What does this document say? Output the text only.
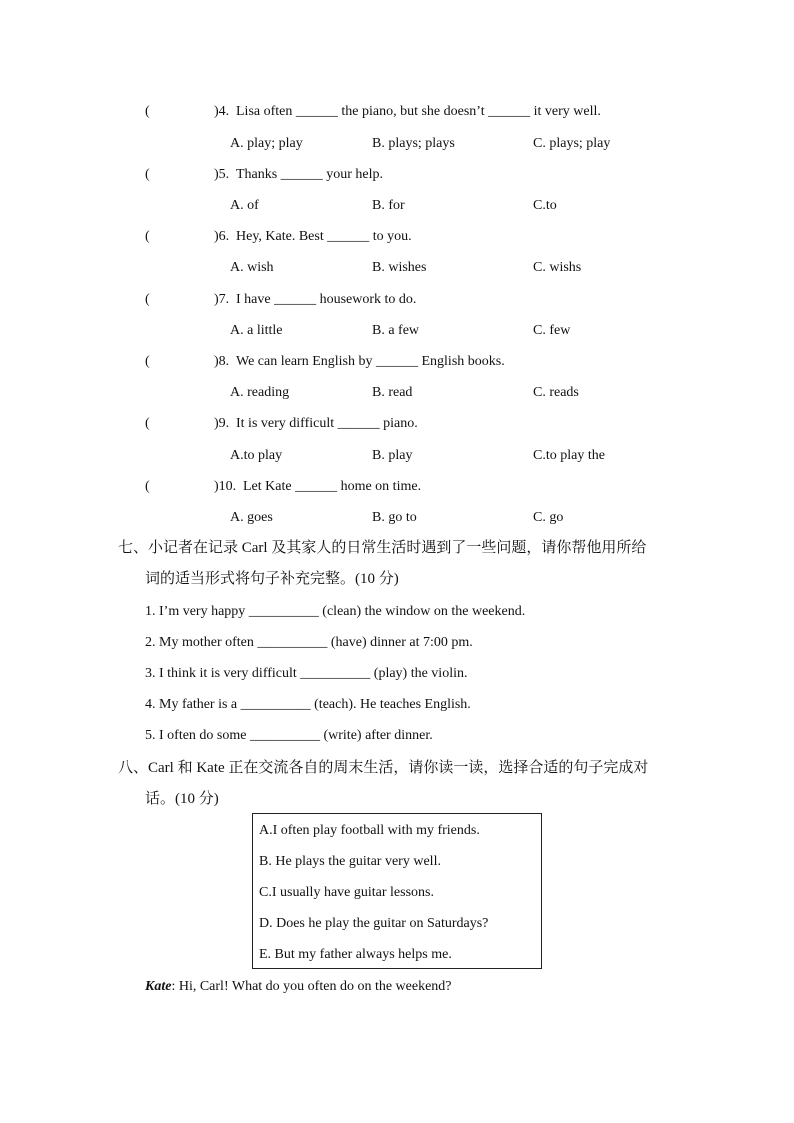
(	)4. Lisa often ______ the piano, but she doesn’t ______ it very well.
A. play; play	B. plays; plays	C. plays; play
(	)5. Thanks ______ your help.
A. of	B. for	C.to
(	)6. Hey, Kate. Best ______ to you.
A. wish	B. wishes	C. wishs
(	)7. I have ______ housework to do.
A. a little	B. a few	C. few
(	)8. We can learn English by ______ English books.
A. reading	B. read	C. reads
(	)9. It is very difficult ______ piano.
A.to play	B. play	C.to play the
(	)10. Let Kate ______ home on time.
A. goes	B. go to	C. go
七、小记者在记录 Carl 及其家人的日常生活时遇到了一些问题，请你帮他用所给
词的适当形式将句子补充完整。(10 分)
1. I’m very happy __________ (clean) the window on the weekend.
2. My mother often __________ (have) dinner at 7:00 pm.
3. I think it is very difficult __________ (play) the violin.
4. My father is a __________ (teach). He teaches English.
5. I often do some __________ (write) after dinner.
八、Carl 和 Kate 正在交流各自的周末生活，请你读一读，选择合适的句子完成对
话。(10 分)
A.I often play football with my friends.
B. He plays the guitar very well.
C.I usually have guitar lessons.
D. Does he play the guitar on Saturdays?
E. But my father always helps me.
Kate: Hi, Carl! What do you often do on the weekend?
